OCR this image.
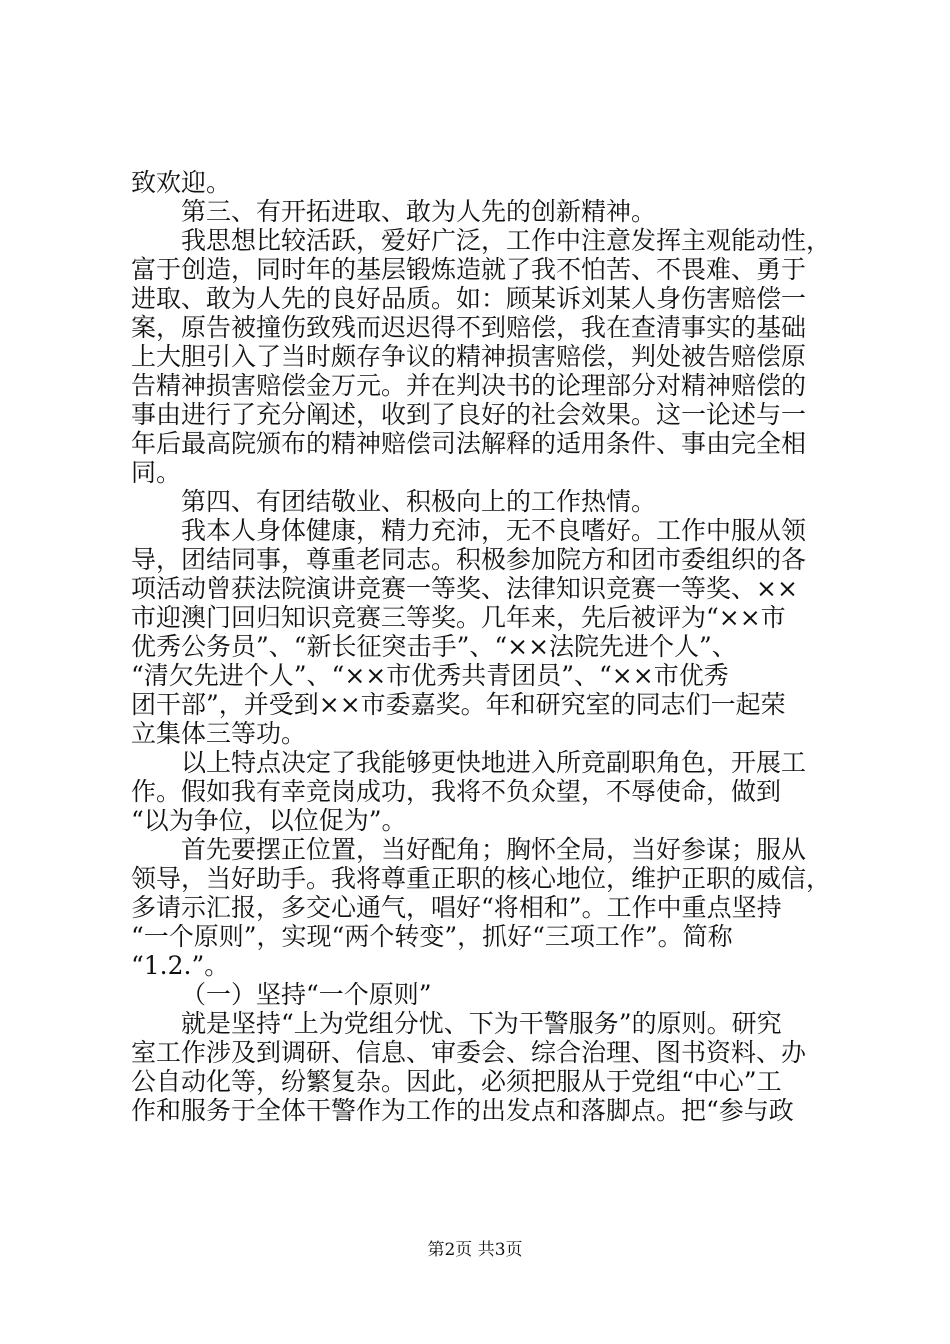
致欢迎。
第三、有开拓进取、敢为人先的创新精神。
我思想比较活跃，爱好广泛，工作中注意发挥主观能动性，
富于创造，同时年的基层锻炼造就了我不怕苦、不畏难、勇于
进取、敢为人先的良好品质。如：顾某诉刘某人身伤害赔偿一
案，原告被撞伤致残而迟迟得不到赔偿，我在查清事实的基础
上大胆引入了当时颇存争议的精神损害赔偿，判处被告赔偿原
告精神损害赔偿金万元。并在判决书的论理部分对精神赔偿的
事由进行了充分阐述，收到了良好的社会效果。这一论述与一
年后最高院颁布的精神赔偿司法解释的适用条件、事由完全相
同。
第四、有团结敬业、积极向上的工作热情。
我本人身体健康，精力充沛，无不良嗜好。工作中服从领
导，团结同事，尊重老同志。积极参加院方和团市委组织的各
项活动曾获法院演讲竞赛一等奖、法律知识竞赛一等奖、××
市迎澳门回归知识竞赛三等奖。几年来，先后被评为“××市
优秀公务员”、“新长征突击手”、“××法院先进个人”、
“清欠先进个人”、“××市优秀共青团员”、“××市优秀
团干部”，并受到××市委嘉奖。年和研究室的同志们一起荣
立集体三等功。
以上特点决定了我能够更快地进入所竞副职角色，开展工
作。假如我有幸竞岗成功，我将不负众望，不辱使命，做到
“以为争位，以位促为”。
首先要摆正位置，当好配角；胸怀全局，当好参谋；服从
领导，当好助手。我将尊重正职的核心地位，维护正职的威信，
多请示汇报，多交心通气，唱好“将相和”。工作中重点坚持
“一个原则”，实现“两个转变”，抓好“三项工作”。简称
“1.2.”。
（一）坚持“一个原则”
就是坚持“上为党组分忧、下为干警服务”的原则。研究
室工作涉及到调研、信息、审委会、综合治理、图书资料、办
公自动化等，纷繁复杂。因此，必须把服从于党组“中心”工
作和服务于全体干警作为工作的出发点和落脚点。把“参与政
第2页 共3页
